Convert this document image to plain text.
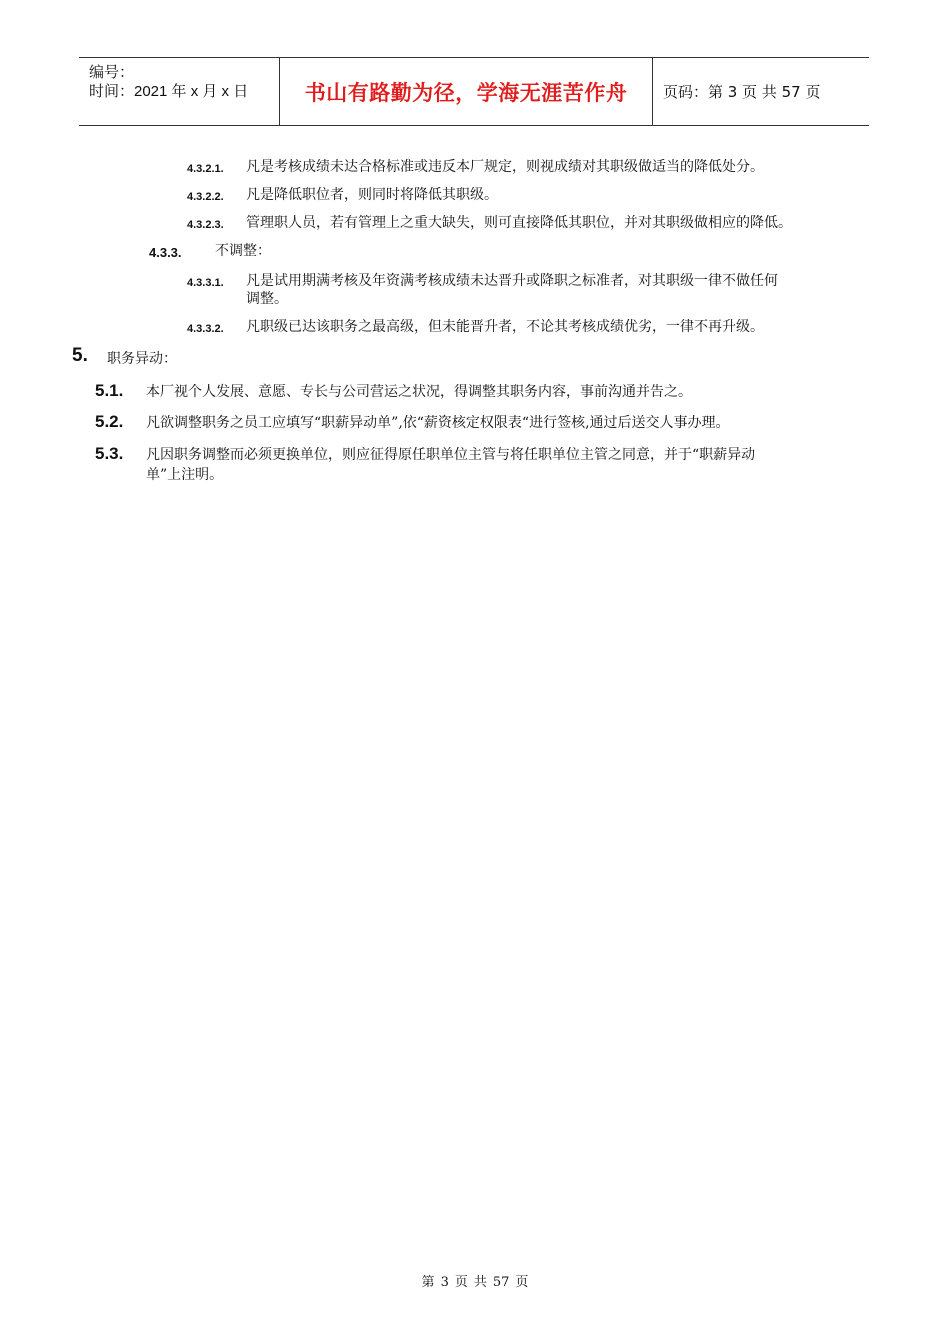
编号：
时间：2021 年 x 月 x 日	书山有路勤为径，学海无涯苦作舟	页码：第 3 页 共 57 页
4.3.2.1. 凡是考核成绩未达合格标准或违反本厂规定，则视成绩对其职级做适当的降低处分。
4.3.2.2. 凡是降低职位者，则同时将降低其职级。
4.3.2.3. 管理职人员，若有管理上之重大缺失，则可直接降低其职位，并对其职级做相应的降低。
4.3.3. 不调整：
4.3.3.1. 凡是试用期满考核及年资满考核成绩未达晋升或降职之标准者，对其职级一律不做任何
调整。
4.3.3.2. 凡职级已达该职务之最高级，但未能晋升者，不论其考核成绩优劣，一律不再升级。
5. 职务异动：
5.1. 本厂视个人发展、意愿、专长与公司营运之状况，得调整其职务内容，事前沟通并告之。
5.2. 凡欲调整职务之员工应填写“职薪异动单”,依“薪资核定权限表“进行签核,通过后送交人事办理。
5.3. 凡因职务调整而必须更换单位，则应征得原任职单位主管与将任职单位主管之同意，并于“职薪异动
单”上注明。
第 3 页 共 57 页
